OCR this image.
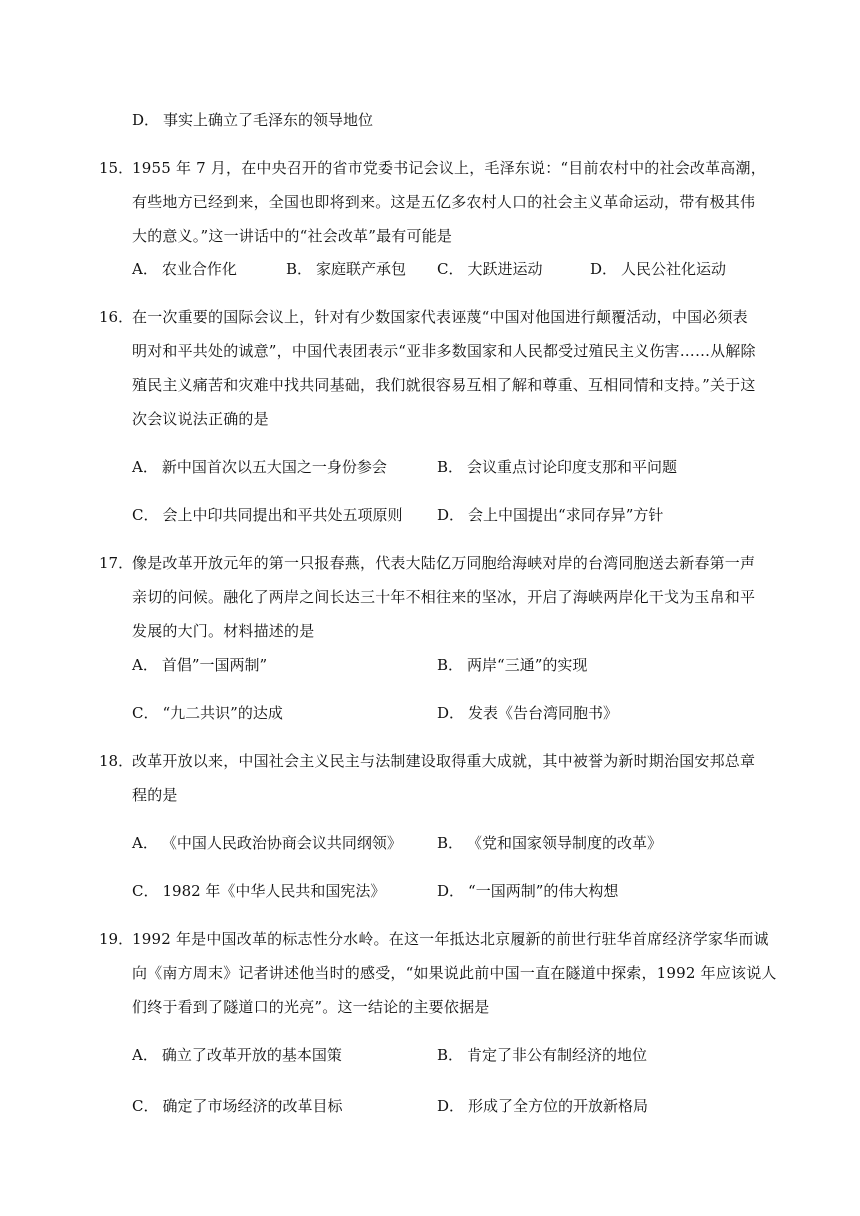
D． 事实上确立了毛泽东的领导地位
15．
1955 年 7 月，在中央召开的省市党委书记会议上，毛泽东说：“目前农村中的社会改革高潮，
有些地方已经到来，全国也即将到来。这是五亿多农村人口的社会主义革命运动，带有极其伟
大的意义。”这一讲话中的“社会改革”最有可能是
A． 农业合作化	B． 家庭联产承包 C． 大跃进运动	D． 人民公社化运动
16．
在一次重要的国际会议上，针对有少数国家代表诬蔑“中国对他国进行颠覆活动，中国必须表
明对和平共处的诚意”，中国代表团表示“亚非多数国家和人民都受过殖民主义伤害……从解除
殖民主义痛苦和灾难中找共同基础，我们就很容易互相了解和尊重、互相同情和支持。”关于这
次会议说法正确的是
A． 新中国首次以五大国之一身份参会	B． 会议重点讨论印度支那和平问题
C． 会上中印共同提出和平共处五项原则 D． 会上中国提出“求同存异”方针
17．
像是改革开放元年的第一只报春燕，代表大陆亿万同胞给海峡对岸的台湾同胞送去新春第一声
亲切的问候。融化了两岸之间长达三十年不相往来的坚冰，开启了海峡两岸化干戈为玉帛和平
发展的大门。材料描述的是
A． 首倡”一国两制”	B． 两岸“三通”的实现
C． “九二共识”的达成	D． 发表《告台湾同胞书》
18．
改革开放以来，中国社会主义民主与法制建设取得重大成就，其中被誉为新时期治国安邦总章
程的是
A． 《中国人民政治协商会议共同纲领》 B． 《党和国家领导制度的改革》
C． 1982 年《中华人民共和国宪法》	D． “一国两制”的伟大构想
19．
1992 年是中国改革的标志性分水岭。在这一年抵达北京履新的前世行驻华首席经济学家华而诚
向《南方周末》记者讲述他当时的感受，“如果说此前中国一直在隧道中探索，1992 年应该说人
们终于看到了隧道口的光亮”。这一结论的主要依据是
A． 确立了改革开放的基本国策	B． 肯定了非公有制经济的地位
C． 确定了市场经济的改革目标	D． 形成了全方位的开放新格局
